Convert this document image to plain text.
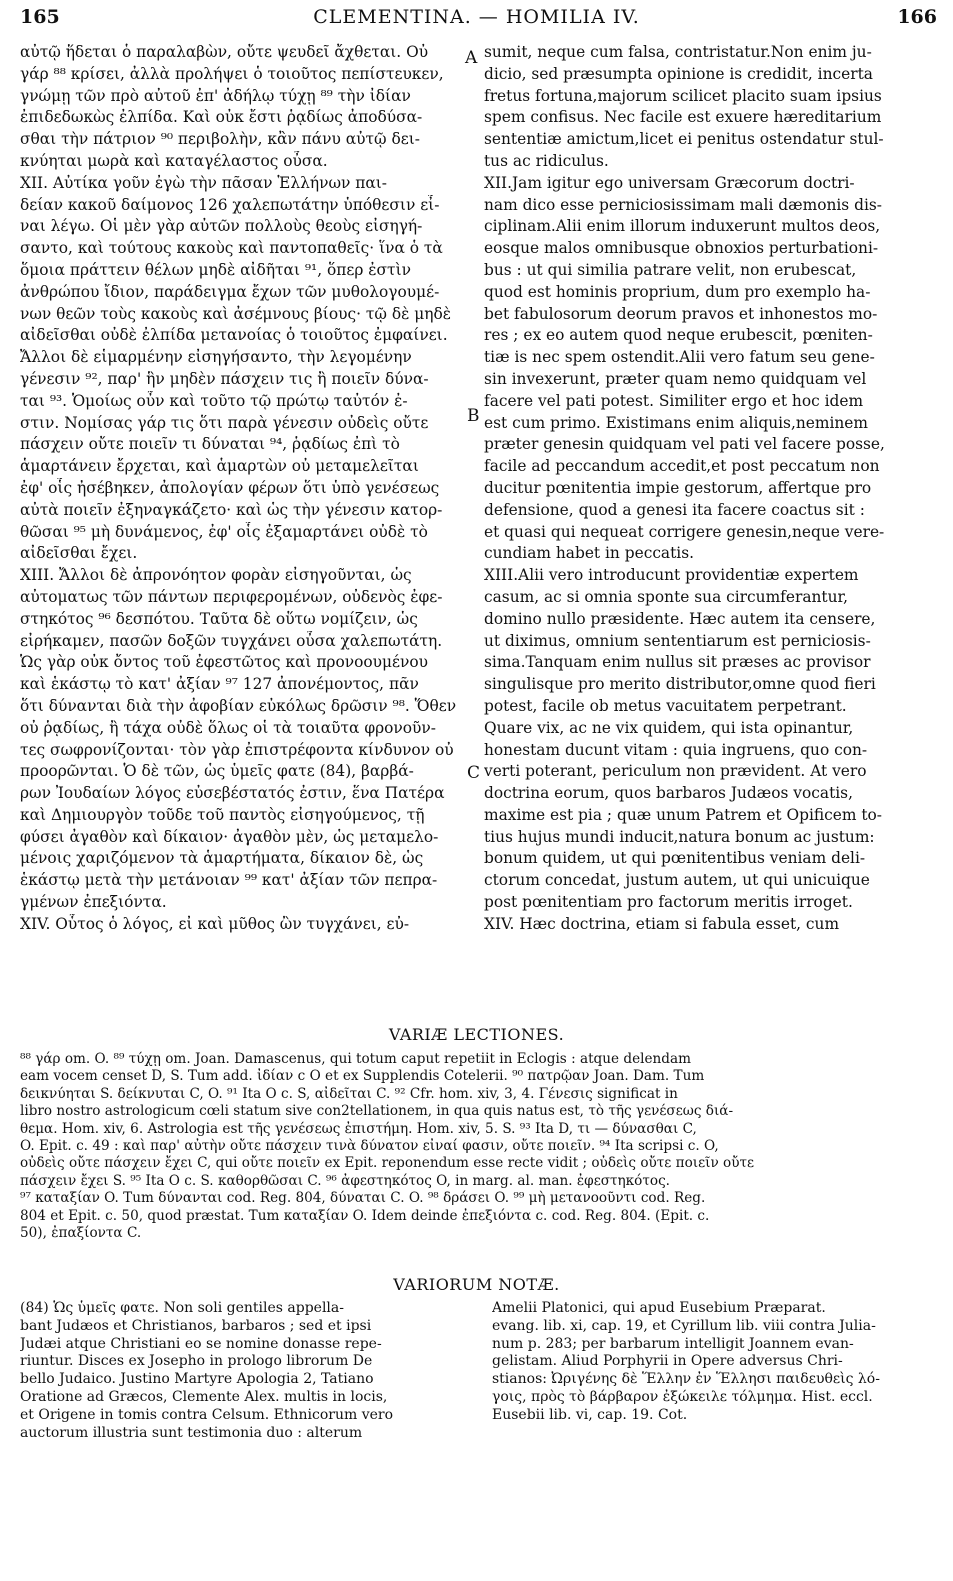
165	CLEMENTINA. — HOMILIA IV.	166
αὐτῷ ἥδεται ὁ παραλαβὼν, οὔτε ψευδεῖ ἄχθεται. Οὐ
γάρ ⁸⁸ κρίσει, ἀλλὰ προλήψει ὁ τοιοῦτος πεπίστευκεν,
γνώμῃ τῶν πρὸ αὐτοῦ ἐπ' ἀδήλῳ τύχῃ ⁸⁹ τὴν ἰδίαν
ἐπιδεδωκὼς ἐλπίδα. Καὶ οὐκ ἔστι ῥᾳδίως ἀποδύσα-
σθαι τὴν πάτριον ⁹⁰ περιβολὴν, κἂν πάνυ αὐτῷ δει-
κνύηται μωρὰ καὶ καταγέλαστος οὖσα.
XII. Αὐτίκα γοῦν ἐγὼ τὴν πᾶσαν Ἑλλήνων παι-
δείαν κακοῦ δαίμονος 126 χαλεπωτάτην ὑπόθεσιν εἶ-
ναι λέγω. Οἱ μὲν γὰρ αὐτῶν πολλοὺς θεοὺς εἰσηγή-
σαντο, καὶ τούτους κακοὺς καὶ παντοπαθεῖς· ἵνα ὁ τὰ
ὅμοια πράττειν θέλων μηδὲ αἰδῆται ⁹¹, ὅπερ ἐστὶν
ἀνθρώπου ἴδιον, παράδειγμα ἔχων τῶν μυθολογουμέ-
νων θεῶν τοὺς κακοὺς καὶ ἀσέμνους βίους· τῷ δὲ μηδὲ
αἰδεῖσθαι οὐδὲ ἐλπίδα μετανοίας ὁ τοιοῦτος ἐμφαίνει.
Ἄλλοι δὲ εἱμαρμένην εἰσηγήσαντο, τὴν λεγομένην
γένεσιν ⁹², παρ' ἣν μηδὲν πάσχειν τις ἢ ποιεῖν δύνα-
ται ⁹³. Ὁμοίως οὖν καὶ τοῦτο τῷ πρώτῳ ταὐτόν ἐ-
στιν. Νομίσας γάρ τις ὅτι παρὰ γένεσιν οὐδεὶς οὔτε
πάσχειν οὔτε ποιεῖν τι δύναται ⁹⁴, ῥᾳδίως ἐπὶ τὸ
ἁμαρτάνειν ἔρχεται, καὶ ἁμαρτὼν οὐ μεταμελεῖται
ἐφ' οἷς ἠσέβηκεν, ἀπολογίαν φέρων ὅτι ὑπὸ γενέσεως
αὐτὰ ποιεῖν ἐξηναγκάζετο· καὶ ὡς τὴν γένεσιν κατορ-
θῶσαι ⁹⁵ μὴ δυνάμενος, ἐφ' οἷς ἐξαμαρτάνει οὐδὲ τὸ
αἰδεῖσθαι ἔχει.
XIII. Ἄλλοι δὲ ἀπρονόητον φορὰν εἰσηγοῦνται, ὡς
αὐτοματως τῶν πάντων περιφερομένων, οὐδενὸς ἐφε-
στηκότος ⁹⁶ δεσπότου. Ταῦτα δὲ οὕτω νομίζειν, ὡς
εἰρήκαμεν, πασῶν δοξῶν τυγχάνει οὖσα χαλεπωτάτη.
Ὡς γὰρ οὐκ ὄντος τοῦ ἐφεστῶτος καὶ προνοουμένου
καὶ ἑκάστῳ τὸ κατ' ἀξίαν ⁹⁷ 127 ἀπονέμοντος, πᾶν
ὅτι δύνανται διὰ τὴν ἀφοβίαν εὐκόλως δρῶσιν ⁹⁸. Ὅθεν
οὐ ῥᾳδίως, ἢ τάχα οὐδὲ ὅλως οἱ τὰ τοιαῦτα φρονοῦν-
τες σωφρονίζονται· τὸν γὰρ ἐπιστρέφοντα κίνδυνον οὐ
προορῶνται. Ὁ δὲ τῶν, ὡς ὑμεῖς φατε (84), βαρβά-
ρων Ἰουδαίων λόγος εὐσεβέστατός ἐστιν, ἕνα Πατέρα
καὶ Δημιουργὸν τοῦδε τοῦ παντὸς εἰσηγούμενος, τῇ
φύσει ἀγαθὸν καὶ δίκαιον· ἀγαθὸν μὲν, ὡς μεταμελο-
μένοις χαριζόμενον τὰ ἁμαρτήματα, δίκαιον δὲ, ὡς
ἑκάστῳ μετὰ τὴν μετάνοιαν ⁹⁹ κατ' ἀξίαν τῶν πεπρα-
γμένων ἐπεξιόντα.
XIV. Οὗτος ὁ λόγος, εἰ καὶ μῦθος ὢν τυγχάνει, εὐ-
sumit, neque cum falsa, contristatur.Non enim ju-
dicio, sed præsumpta opinione is credidit, incerta
fretus fortuna,majorum scilicet placito suam ipsius
spem confisus. Nec facile est exuere hæreditarium
sententiæ amictum,licet ei penitus ostendatur stul-
tus ac ridiculus.
XII.Jam igitur ego universam Græcorum doctri-
nam dico esse perniciosissimam mali dæmonis dis-
ciplinam.Alii enim illorum induxerunt multos deos,
eosque malos omnibusque obnoxios perturbationi-
bus : ut qui similia patrare velit, non erubescat,
quod est hominis proprium, dum pro exemplo ha-
bet fabulosorum deorum pravos et inhonestos mo-
res ; ex eo autem quod neque erubescit, pœniten-
tiæ is nec spem ostendit.Alii vero fatum seu gene-
sin invexerunt, præter quam nemo quidquam vel
facere vel pati potest. Similiter ergo et hoc idem
est cum primo. Existimans enim aliquis,neminem
præter genesin quidquam vel pati vel facere posse,
facile ad peccandum accedit,et post peccatum non
ducitur pœnitentia impie gestorum, affertque pro
defensione, quod a genesi ita facere coactus sit :
et quasi qui nequeat corrigere genesin,neque vere-
cundiam habet in peccatis.
XIII.Alii vero introducunt providentiæ expertem
casum, ac si omnia sponte sua circumferantur,
domino nullo præsidente. Hæc autem ita censere,
ut diximus, omnium sententiarum est perniciosis-
sima.Tanquam enim nullus sit præses ac provisor
singulisque pro merito distributor,omne quod fieri
potest, facile ob metus vacuitatem perpetrant.
Quare vix, ac ne vix quidem, qui ista opinantur,
honestam ducunt vitam : quia ingruens, quo con-
verti poterant, periculum non prævident. At vero
doctrina eorum, quos barbaros Judæos vocatis,
maxime est pia ; quæ unum Patrem et Opificem to-
tius hujus mundi inducit,natura bonum ac justum:
bonum quidem, ut qui pœnitentibus veniam deli-
ctorum concedat, justum autem, ut qui unicuique
post pœnitentiam pro factorum meritis irroget.
XIV. Hæc doctrina, etiam si fabula esset, cum
A
B
C
VARIÆ LECTIONES.
⁸⁸ γάρ om. O. ⁸⁹ τύχῃ om. Joan. Damascenus, qui totum caput repetiit in Eclogis : atque delendam
eam vocem censet D, S. Tum add. ἰδίαν c O et ex Supplendis Cotelerii. ⁹⁰ πατρῷαν Joan. Dam. Tum
δεικνύηται S. δείκνυται C, O. ⁹¹ Ita O c. S, αἰδεῖται C. ⁹² Cfr. hom. xiv, 3, 4. Γένεσις significat in
libro nostro astrologicum cœli statum sive con2tellationem, in qua quis natus est, τὸ τῆς γενέσεως διά-
θεμα. Hom. xiv, 6. Astrologia est τῆς γενέσεως ἐπιστήμη. Hom. xiv, 5. S. ⁹³ Ita D, τι — δύνασθαι C,
O. Epit. c. 49 : καὶ παρ' αὐτὴν οὔτε πάσχειν τινὰ δύνατον εἶναί φασιν, οὔτε ποιεῖν. ⁹⁴ Ita scripsi c. O,
οὐδεὶς οὔτε πάσχειν ἔχει C, qui οὔτε ποιεῖν ex Epit. reponendum esse recte vidit ; οὐδεὶς οὔτε ποιεῖν οὔτε
πάσχειν ἔχει S. ⁹⁵ Ita O c. S. καθορθῶσαι C. ⁹⁶ ἀφεστηκότος O, in marg. al. man. ἐφεστηκότος.
⁹⁷ καταξίαν O. Tum δύνανται cod. Reg. 804, δύναται C. O. ⁹⁸ δράσει O. ⁹⁹ μὴ μετανοοῦντι cod. Reg.
804 et Epit. c. 50, quod præstat. Tum καταξίαν O. Idem deinde ἐπεξιόντα c. cod. Reg. 804. (Epit. c.
50), ἐπαξίοντα C.
VARIORUM NOTÆ.
(84) Ὡς ὑμεῖς φατε. Non soli gentiles appella-
bant Judæos et Christianos, barbaros ; sed et ipsi
Judæi atque Christiani eo se nomine donasse repe-
riuntur. Disces ex Josepho in prologo librorum De
bello Judaico. Justino Martyre Apologia 2, Tatiano
Oratione ad Græcos, Clemente Alex. multis in locis,
et Origene in tomis contra Celsum. Ethnicorum vero
auctorum illustria sunt testimonia duo : alterum
Amelii Platonici, qui apud Eusebium Præparat.
evang. lib. xi, cap. 19, et Cyrillum lib. viii contra Julia-
num p. 283; per barbarum intelligit Joannem evan-
gelistam. Aliud Porphyrii in Opere adversus Chri-
stianos: Ὠριγένης δὲ Ἕλλην ἐν Ἕλλησι παιδευθεὶς λό-
γοις, πρὸς τὸ βάρβαρον ἐξώκειλε τόλμημα. Hist. eccl.
Eusebii lib. vi, cap. 19. Cot.
